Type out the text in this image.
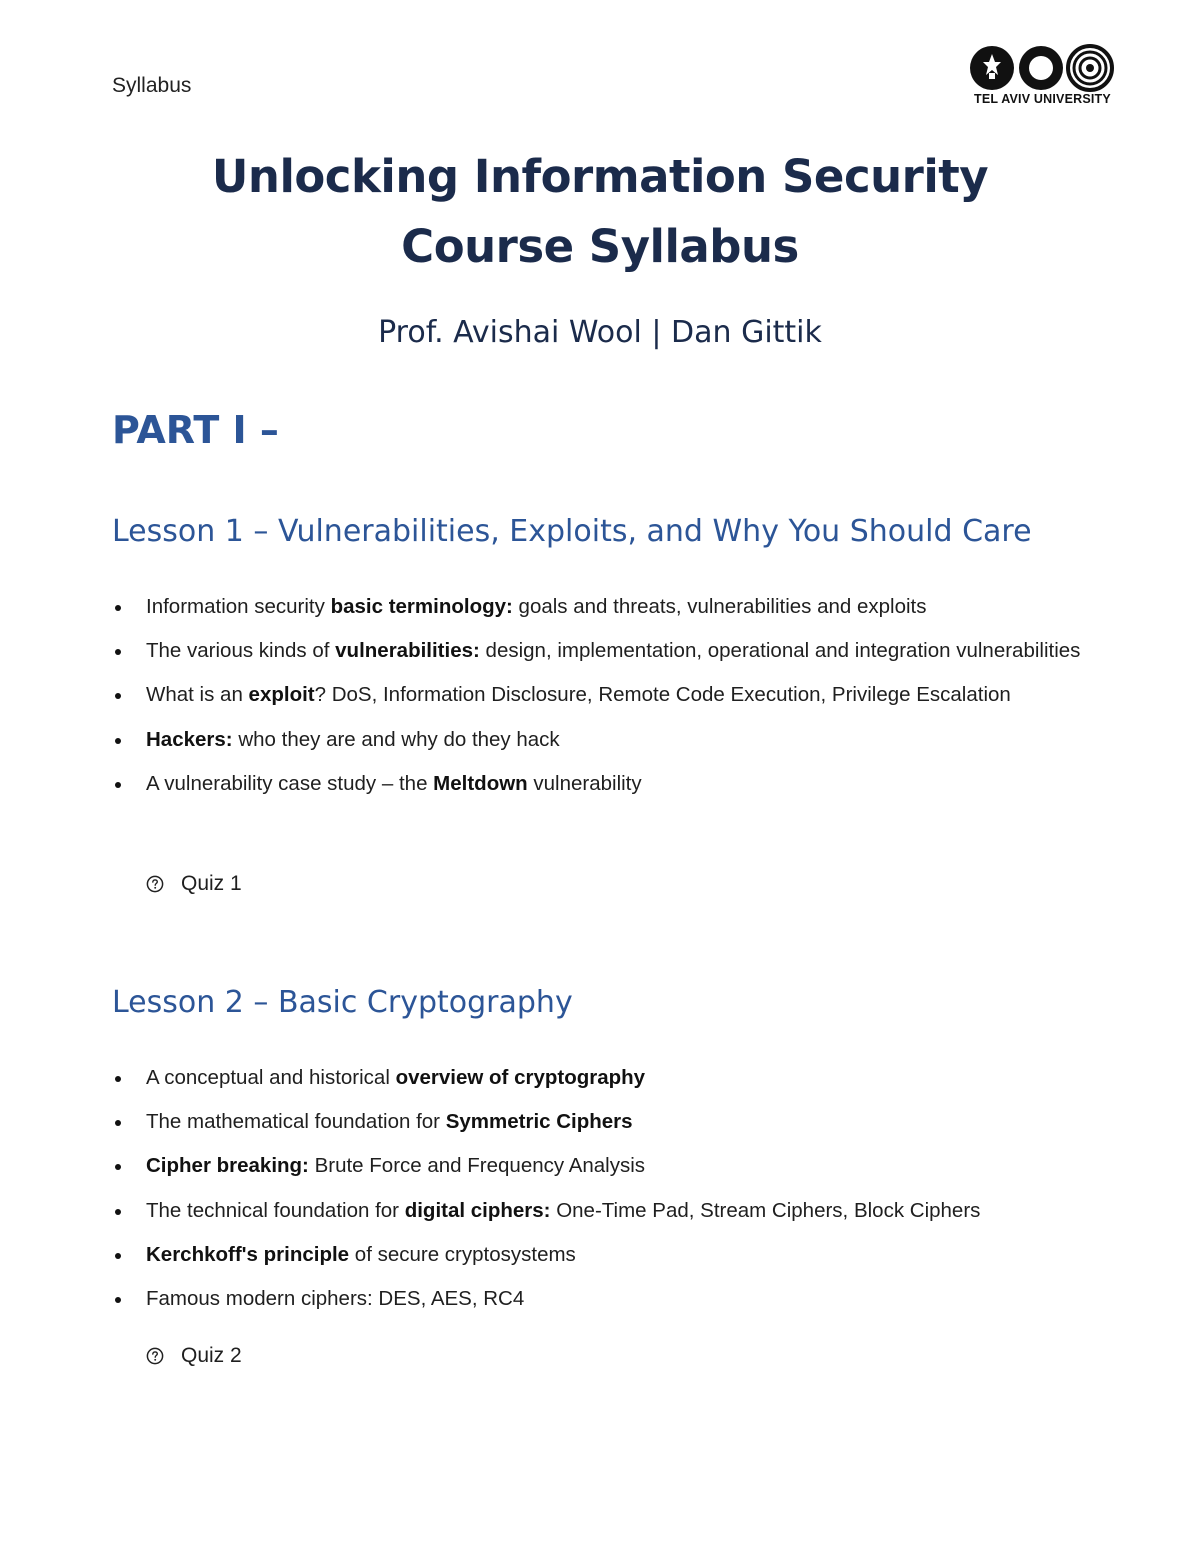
Syllabus
TEL AVIV UNIVERSITY
Unlocking Information Security
Course Syllabus
Prof. Avishai Wool | Dan Gittik
PART I –
Lesson 1 – Vulnerabilities, Exploits, and Why You Should Care
Information security basic terminology: goals and threats, vulnerabilities and exploits
The various kinds of vulnerabilities: design, implementation, operational and integration vulnerabilities
What is an exploit? DoS, Information Disclosure, Remote Code Execution, Privilege Escalation
Hackers: who they are and why do they hack
A vulnerability case study – the Meltdown vulnerability
Quiz 1
Lesson 2 – Basic Cryptography
A conceptual and historical overview of cryptography
The mathematical foundation for Symmetric Ciphers
Cipher breaking: Brute Force and Frequency Analysis
The technical foundation for digital ciphers: One-Time Pad, Stream Ciphers, Block Ciphers
Kerchkoff's principle of secure cryptosystems
Famous modern ciphers: DES, AES, RC4
Quiz 2
